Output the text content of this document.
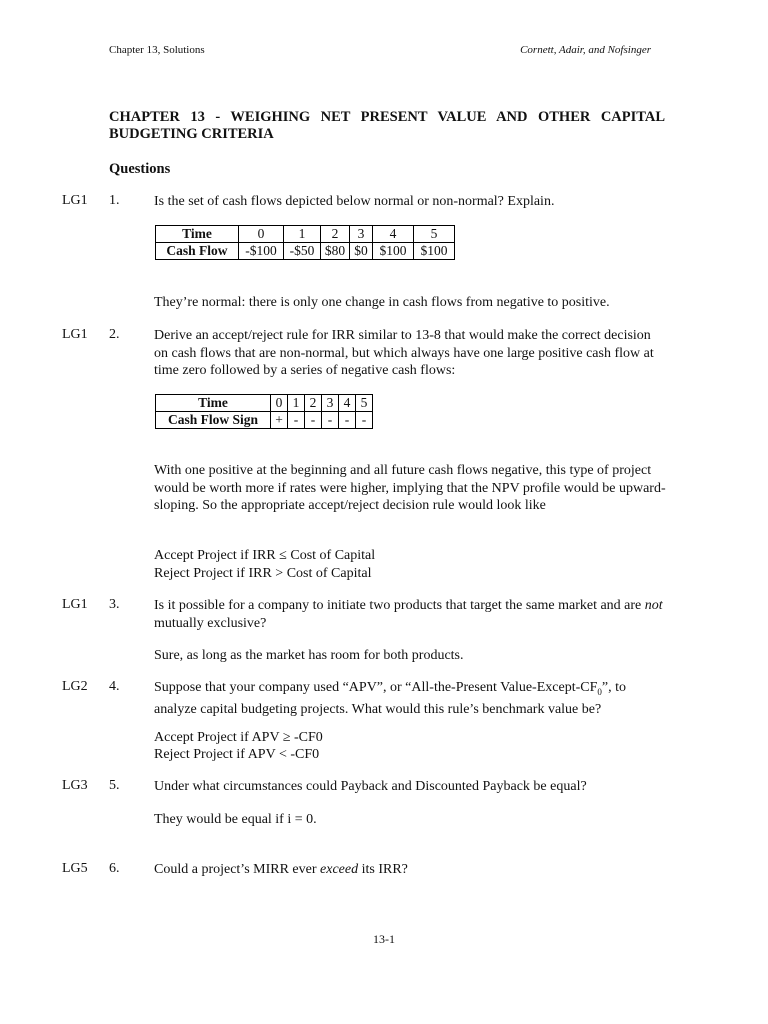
Chapter 13, Solutions	Cornett, Adair, and Nofsinger
CHAPTER 13 - WEIGHING NET PRESENT VALUE AND OTHER CAPITAL BUDGETING CRITERIA
Questions
LG1 1. Is the set of cash flows depicted below normal or non-normal? Explain.
Time	0	1	2	3	4	5
Cash Flow	-$100	-$50	$80	$0	$100	$100
They’re normal: there is only one change in cash flows from negative to positive.
LG1 2. Derive an accept/reject rule for IRR similar to 13-8 that would make the correct decision on cash flows that are non-normal, but which always have one large positive cash flow at time zero followed by a series of negative cash flows:
Time	0	1	2	3	4	5
Cash Flow Sign	+	-	-	-	-	-
With one positive at the beginning and all future cash flows negative, this type of project would be worth more if rates were higher, implying that the NPV profile would be upward-sloping. So the appropriate accept/reject decision rule would look like
Accept Project if IRR ≤ Cost of Capital
Reject Project if IRR > Cost of Capital
LG1 3. Is it possible for a company to initiate two products that target the same market and are not mutually exclusive?
Sure, as long as the market has room for both products.
LG2 4. Suppose that your company used “APV”, or “All-the-Present Value-$Except-CF_0$”, to analyze capital budgeting projects. What would this rule’s benchmark value be?
Accept Project if APV ≥ -CF0
Reject Project if APV < -CF0
LG3 5. Under what circumstances could Payback and Discounted Payback be equal?
They would be equal if i = 0.
LG5 6. Could a project’s MIRR ever exceed its IRR?
13-1
